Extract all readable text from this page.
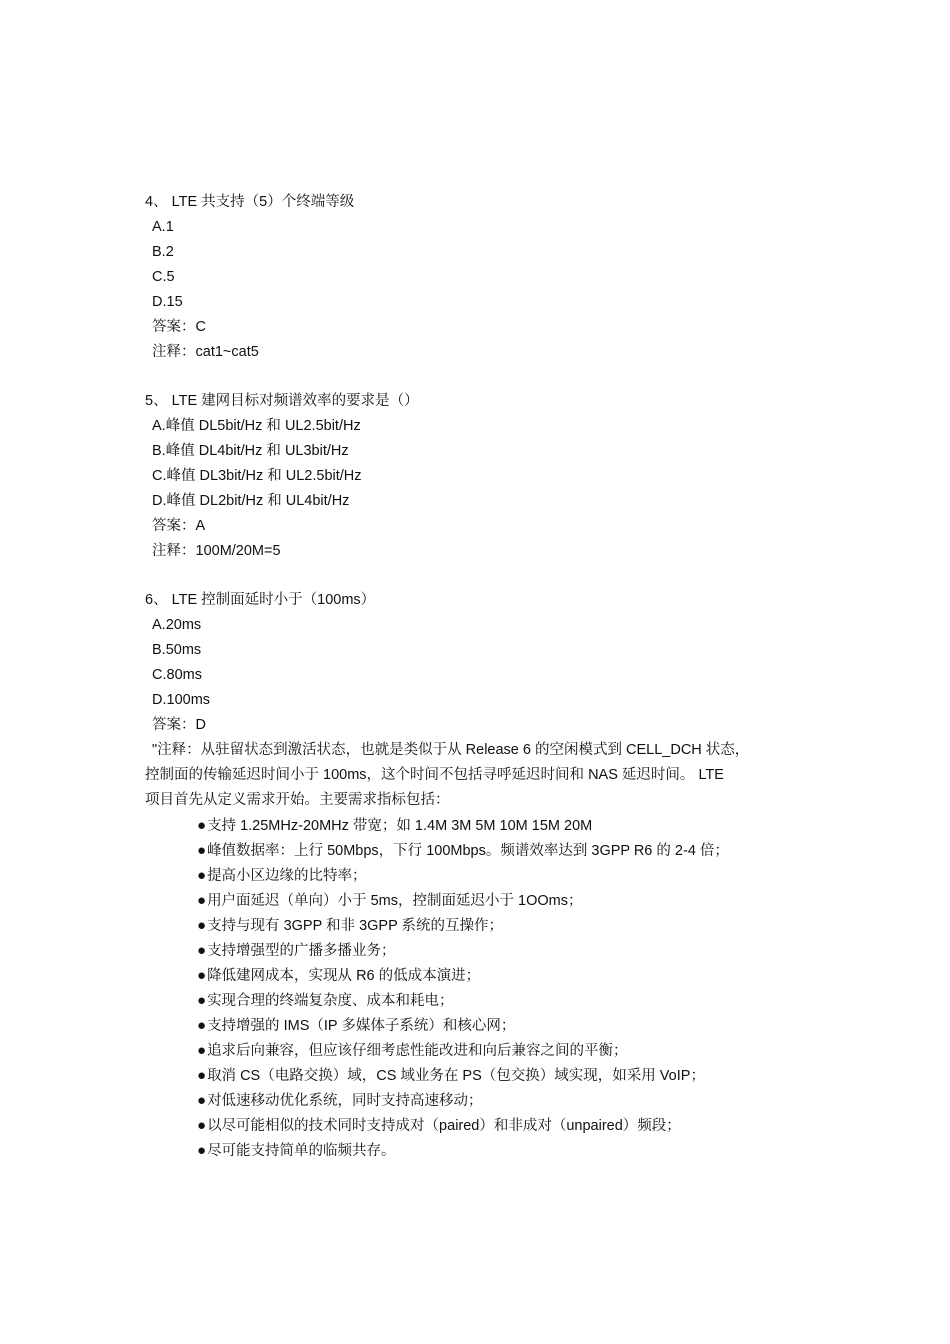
4、 LTE 共支持（5）个终端等级
A.1
B.2
C.5
D.15
答案：C
注释：cat1~cat5
5、 LTE 建网目标对频谱效率的要求是（）
A.峰值 DL5bit/Hz 和 UL2.5bit/Hz
B.峰值 DL4bit/Hz 和 UL3bit/Hz
C.峰值 DL3bit/Hz 和 UL2.5bit/Hz
D.峰值 DL2bit/Hz 和 UL4bit/Hz
答案：A
注释：100M/20M=5
6、 LTE 控制面延时小于（100ms）
A.20ms
B.50ms
C.80ms
D.100ms
答案：D
"注释：从驻留状态到激活状态，也就是类似于从 Release 6 的空闲模式到 CELL_DCH 状态，
控制面的传输延迟时间小于 100ms，这个时间不包括寻呼延迟时间和 NAS 延迟时间。 LTE
项目首先从定义需求开始。主要需求指标包括：
●支持 1.25MHz-20MHz 带宽；如 1.4M 3M 5M 10M 15M 20M
●峰值数据率：上行 50Mbps，下行 100Mbps。频谱效率达到 3GPP R6 的 2-4 倍；
●提高小区边缘的比特率；
●用户面延迟（单向）小于 5ms，控制面延迟小于 1OOms；
●支持与现有 3GPP 和非 3GPP 系统的互操作；
●支持增强型的广播多播业务；
●降低建网成本，实现从 R6 的低成本演进；
●实现合理的终端复杂度、成本和耗电；
●支持增强的 IMS（IP 多媒体子系统）和核心网；
●追求后向兼容，但应该仔细考虑性能改进和向后兼容之间的平衡；
●取消 CS（电路交换）域，CS 域业务在 PS（包交换）域实现，如采用 VoIP；
●对低速移动优化系统，同时支持高速移动；
●以尽可能相似的技术同时支持成对（paired）和非成对（unpaired）频段；
●尽可能支持简单的临频共存。
